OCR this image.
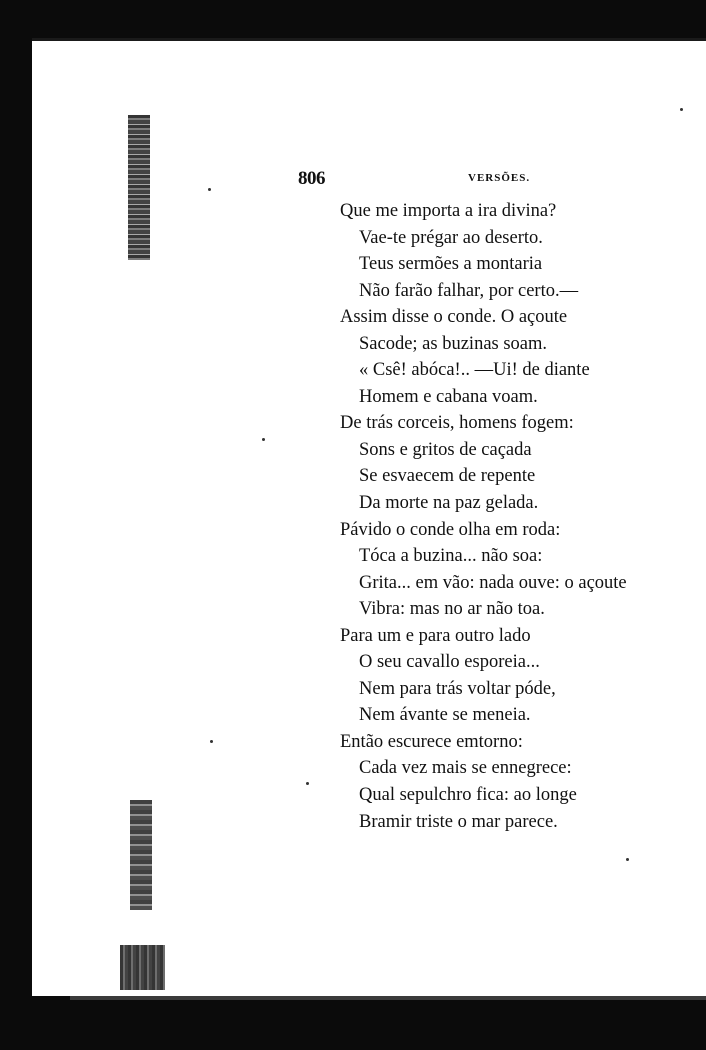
806	VERSÕES.
Que me importa a ira divina?
Vae-te prégar ao deserto.
Teus sermões a montaria
Não farão falhar, por certo.—
Assim disse o conde. O açoute
Sacode; as buzinas soam.
« Csê! abóca!.. —Ui! de diante
Homem e cabana voam.
De trás corceis, homens fogem:
Sons e gritos de caçada
Se esvaecem de repente
Da morte na paz gelada.
Pávido o conde olha em roda:
Tóca a buzina... não soa:
Grita... em vão: nada ouve: o açoute
Vibra: mas no ar não toa.
Para um e para outro lado
O seu cavallo esporeia...
Nem para trás voltar póde,
Nem ávante se meneia.
Então escurece emtorno:
Cada vez mais se ennegrece:
Qual sepulchro fica: ao longe
Bramir triste o mar parece.
